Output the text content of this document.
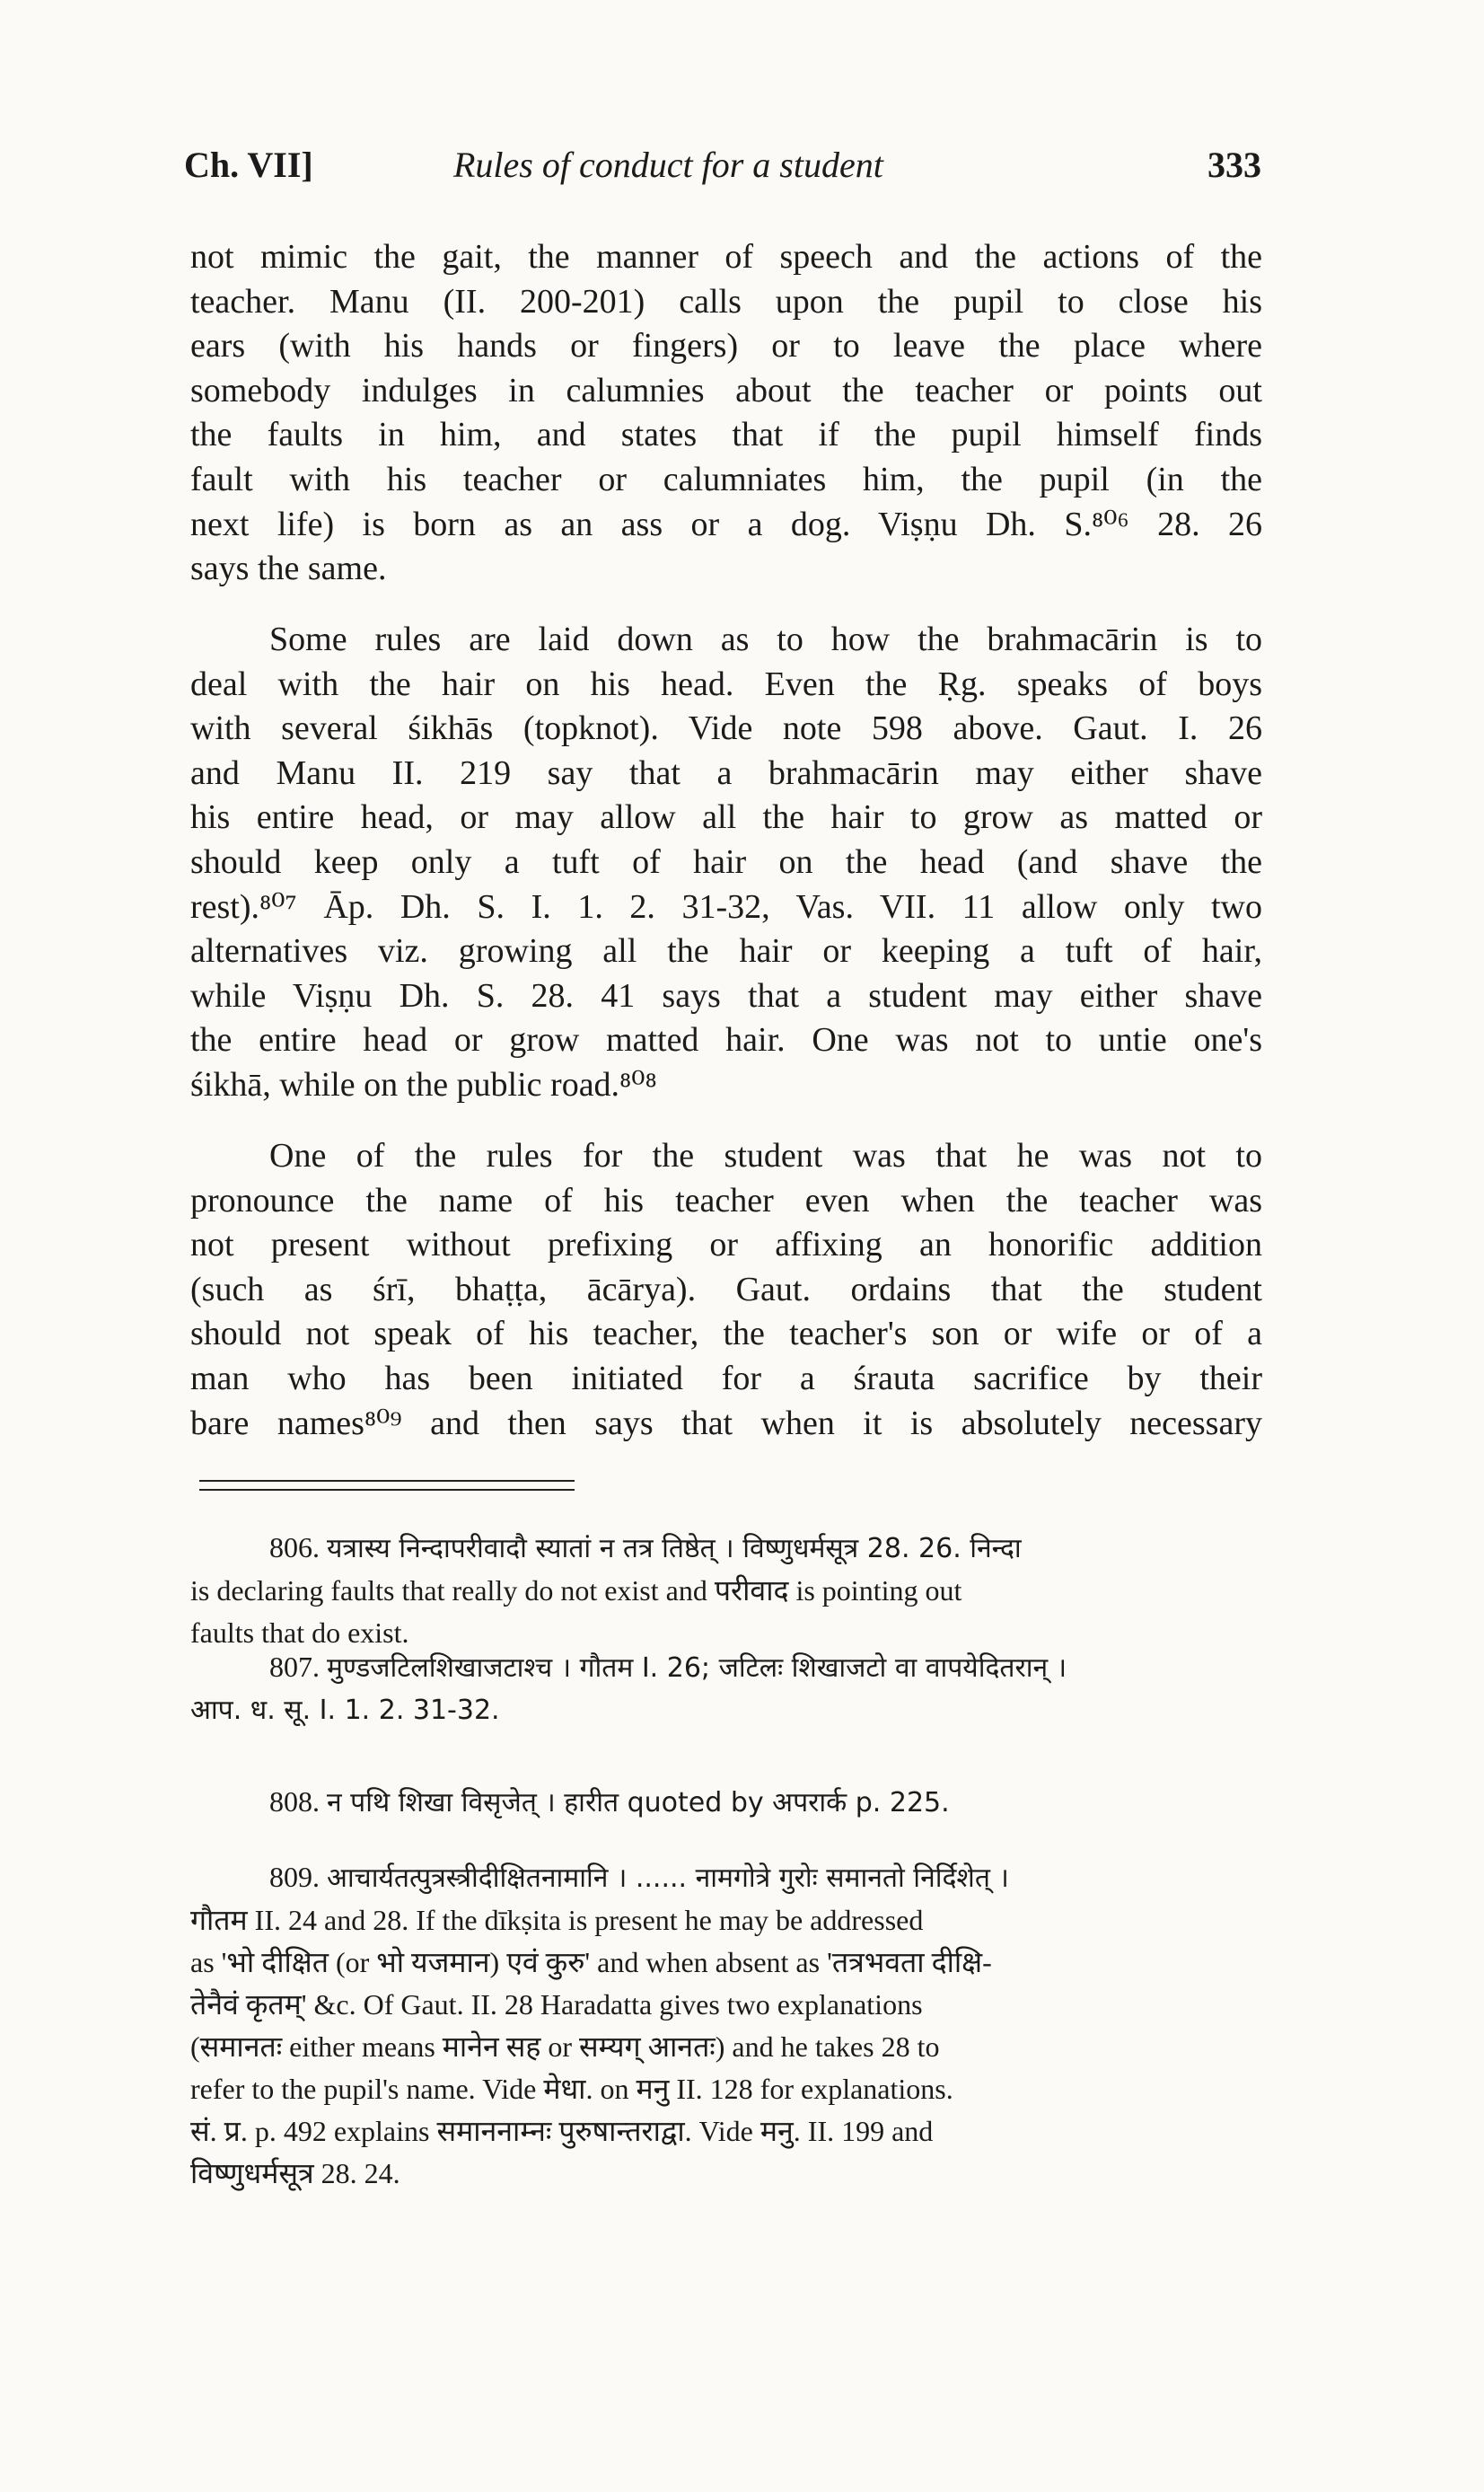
Ch. VII]	Rules of conduct for a student	333
not mimic the gait, the manner of speech and the actions of the
teacher. Manu (II. 200-201) calls upon the pupil to close his
ears (with his hands or fingers) or to leave the place where
somebody indulges in calumnies about the teacher or points out
the faults in him, and states that if the pupil himself finds
fault with his teacher or calumniates him, the pupil (in the
next life) is born as an ass or a dog. Viṣṇu Dh. S.⁸⁰⁶ 28. 26
says the same.
Some rules are laid down as to how the brahmacārin is to
deal with the hair on his head. Even the Ṛg. speaks of boys
with several śikhās (topknot). Vide note 598 above. Gaut. I. 26
and Manu II. 219 say that a brahmacārin may either shave
his entire head, or may allow all the hair to grow as matted or
should keep only a tuft of hair on the head (and shave the
rest).⁸⁰⁷ Āp. Dh. S. I. 1. 2. 31-32, Vas. VII. 11 allow only two
alternatives viz. growing all the hair or keeping a tuft of hair,
while Viṣṇu Dh. S. 28. 41 says that a student may either shave
the entire head or grow matted hair. One was not to untie one's
śikhā, while on the public road.⁸⁰⁸
One of the rules for the student was that he was not to
pronounce the name of his teacher even when the teacher was
not present without prefixing or affixing an honorific addition
(such as śrī, bhaṭṭa, ācārya). Gaut. ordains that the student
should not speak of his teacher, the teacher's son or wife or of a
man who has been initiated for a śrauta sacrifice by their
bare names⁸⁰⁹ and then says that when it is absolutely necessary
806. यत्रास्य निन्दापरीवादौ स्यातां न तत्र तिष्ठेत् । विष्णुधर्मसूत्र 28. 26. निन्दा
is declaring faults that really do not exist and परीवाद is pointing out
faults that do exist.
807. मुण्डजटिलशिखाजटाश्च । गौतम I. 26; जटिलः शिखाजटो वा वापयेदितरान् ।
आप. ध. सू. I. 1. 2. 31-32.
808. न पथि शिखा विसृजेत् । हारीत quoted by अपरार्क p. 225.
809. आचार्यतत्पुत्रस्त्रीदीक्षितनामानि । ...... नामगोत्रे गुरोः समानतो निर्दिशेत् ।
गौतम II. 24 and 28. If the dīkṣita is present he may be addressed
as 'भो दीक्षित (or भो यजमान) एवं कुरु' and when absent as 'तत्रभवता दीक्षि-
तेनैवं कृतम्' &c. Of Gaut. II. 28 Haradatta gives two explanations
(समानतः either means मानेन सह or सम्यग् आनतः) and he takes 28 to
refer to the pupil's name. Vide मेधा. on मनु II. 128 for explanations.
सं. प्र. p. 492 explains समाननाम्नः पुरुषान्तराद्वा. Vide मनु. II. 199 and
विष्णुधर्मसूत्र 28. 24.
